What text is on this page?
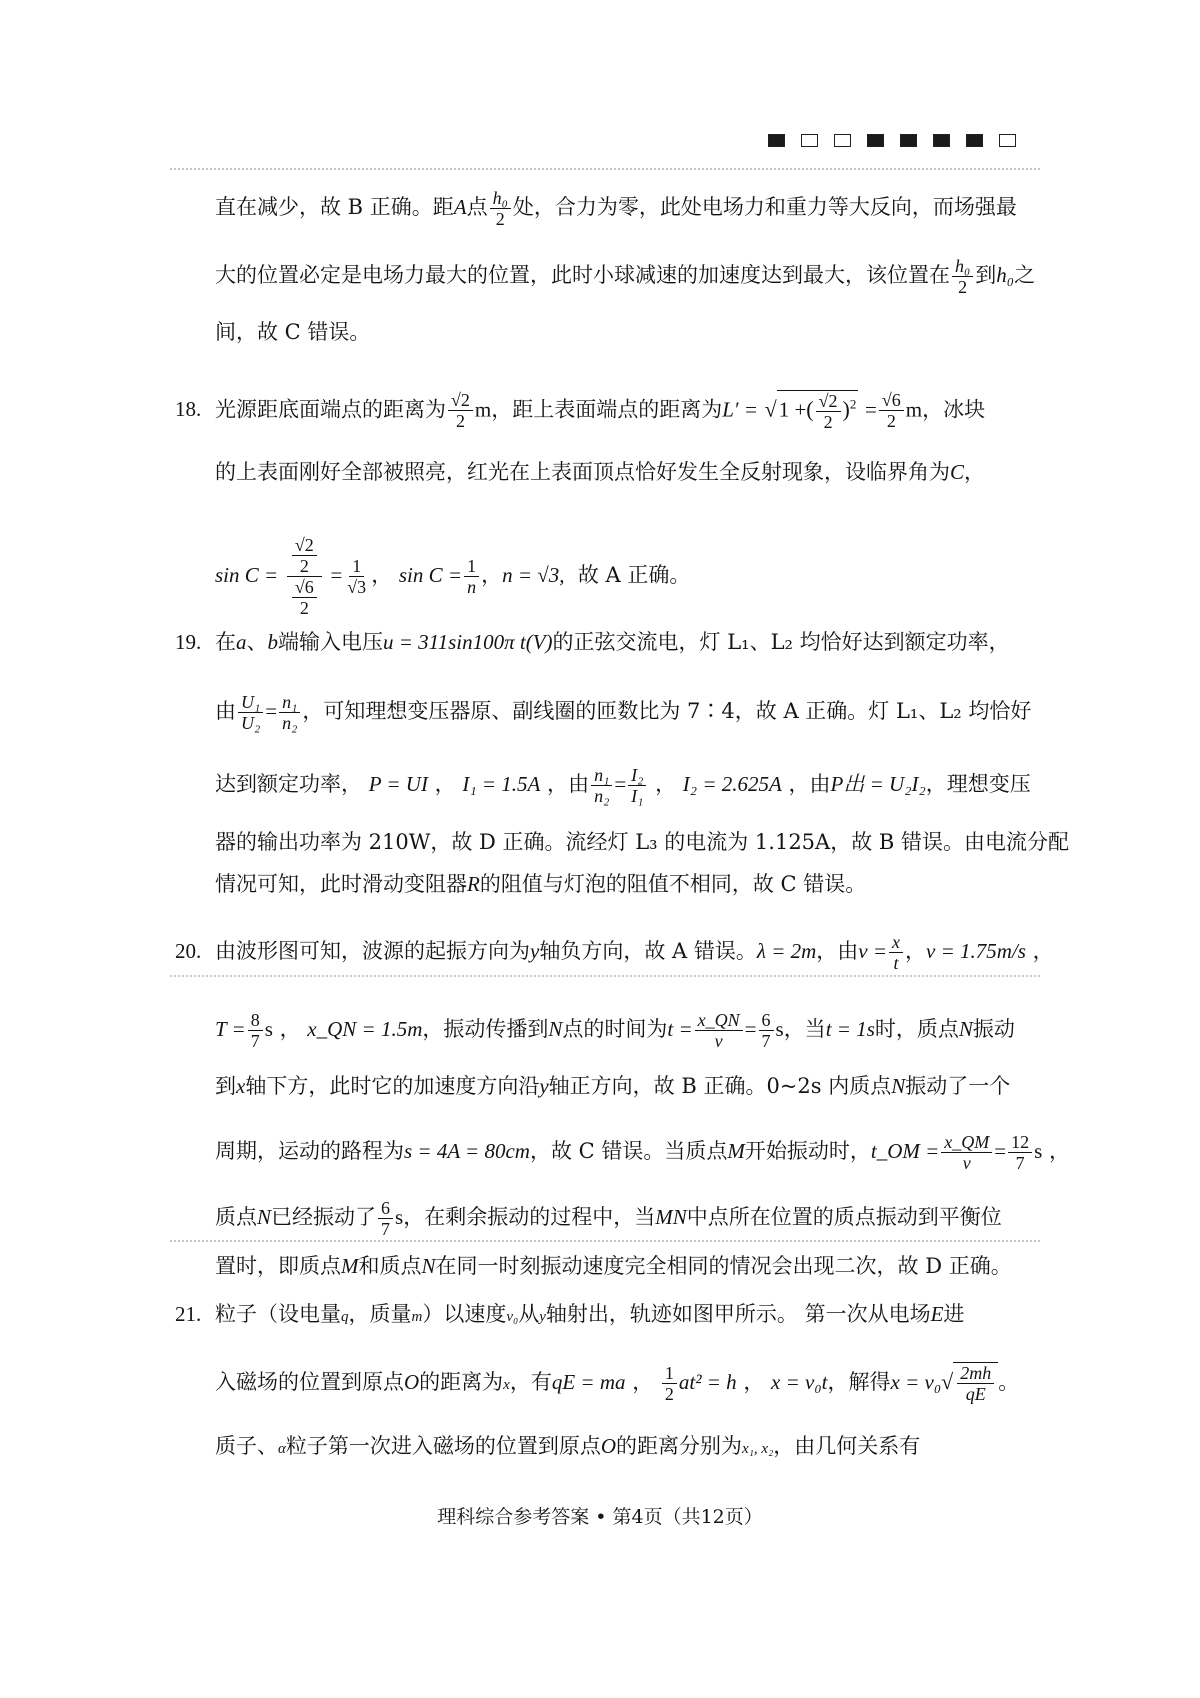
直在减少，故 B 正确。距A点 $\frac{\text{h₀}}{2}$ 处，合力为零，此处电场力和重力等大反向，而场强最
大的位置必定是电场力最大的位置，此时小球减速的加速度达到最大，该位置在 $\frac{\text{h₀}}{2}$ 到h₀之
间，故 C 错误。
18. 光源距底面端点的距离为 $\frac{√2}{2}$ m，距上表面端点的距离为L′ = √1 +( $\frac{√2}{2} )^2 = \frac{√6}{2}$ m，冰块
的上表面刚好全部被照亮，红光在上表面顶点恰好发生全反射现象，设临界角为C，
$\sin C = \frac{\frac{√2}{2}}{\frac{√6}{2}} = \frac{1}{√3}$ ， $\sin C = \frac{1}{n}$ ，n = √3, 故 A 正确。
19. 在a、b端输入电压u = 311sin100π t(V)的正弦交流电，灯 L₁、L₂ 均恰好达到额定功率，
由 $\frac{\text{U₁}}{\text{U₂}} = \frac{\text{n₁}}{\text{n₂}}$ ，可知理想变压器原、副线圈的匝数比为 7∶4，故 A 正确。灯 L₁、L₂ 均恰好
达到额定功率， P = UI ， I₁ = 1.5A ，由 $\frac{\text{n₁}}{\text{n₂}} = \frac{\text{I₂}}{\text{I₁}}$ ， I₂ = 2.625A ，由P出 = U₂I₂，理想变压
器的输出功率为 210W，故 D 正确。流经灯 L₃ 的电流为 1.125A，故 B 错误。由电流分配
情况可知，此时滑动变阻器R的阻值与灯泡的阻值不相同，故 C 错误。
20. 由波形图可知，波源的起振方向为y轴负方向，故 A 错误。λ = 2m，由$v = \frac{x}{t}$ ，v = 1.75m/s ，
$T = \frac{8}{7}$ s ， x_QN = 1.5m，振动传播到N点的时间为$t = \frac{x\_QN}{v} = \frac{6}{7}$ s，当t = 1s时，质点N振动
到x轴下方，此时它的加速度方向沿y轴正方向，故 B 正确。0~2s 内质点N振动了一个
周期，运动的路程为s = 4A = 80cm，故 C 错误。当质点M开始振动时，t_OM = $\frac{x\_QM}{v} = \frac{12}{7}$ s ，
质点N已经振动了 $\frac{6}{7}$ s，在剩余振动的过程中，当MN中点所在位置的质点振动到平衡位
置时，即质点M和质点N在同一时刻振动速度完全相同的情况会出现二次，故 D 正确。
21. 粒子（设电量q，质量m）以速度v₀从y轴射出，轨迹如图甲所示。 第一次从电场E进
入磁场的位置到原点O的距离为x，有qE = ma ， $\frac{1}{2} at^2 = h$ ， x = v₀t，解得$x = v_0√ \frac{2mh}{qE}$ 。
质子、α粒子第一次进入磁场的位置到原点O的距离分别为x₁, x₂，由几何关系有
理科综合参考答案 • 第4页（共12页）
